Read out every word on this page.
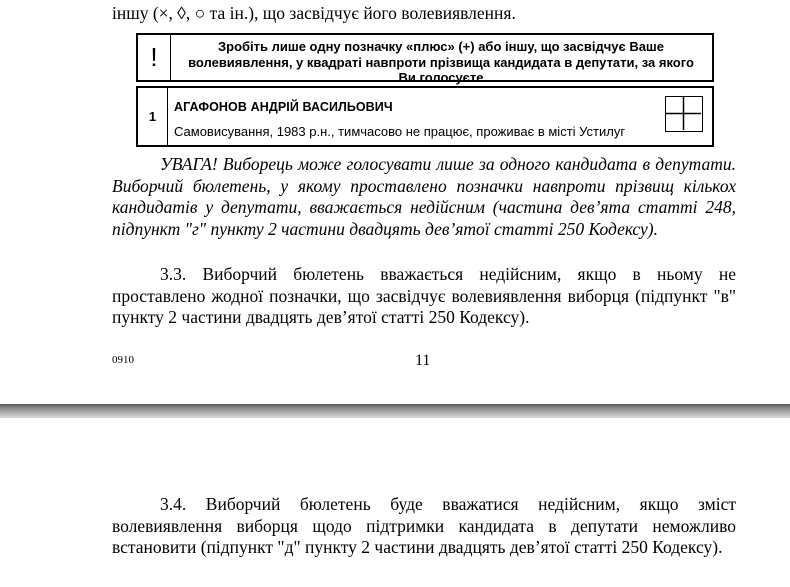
іншу (×, ◊, ○ та ін.), що засвідчує його волевиявлення.
!	Зробіть лише одну позначку «плюс» (+) або іншу, що засвідчує Ваше волевиявлення, у квадраті навпроти прізвища кандидата в депутати, за якого Ви голосуєте
1
АГАФОНОВ АНДРІЙ ВАСИЛЬОВИЧ
Самовисування, 1983 р.н., тимчасово не працює, проживає в місті Устилуг
УВАГА! Виборець може голосувати лише за одного кандидата в депутати. Виборчий бюлетень, у якому проставлено позначки навпроти прізвищ кількох кандидатів у депутати, вважається недійсним (частина дев’ята статті 248, підпункт "г" пункту 2 частини двадцять дев’ятої статті 250 Кодексу).
3.3. Виборчий бюлетень вважається недійсним, якщо в ньому не проставлено жодної позначки, що засвідчує волевиявлення виборця (підпункт "в" пункту 2 частини двадцять дев’ятої статті 250 Кодексу).
0910	11
3.4. Виборчий бюлетень буде вважатися недійсним, якщо зміст волевиявлення виборця щодо підтримки кандидата в депутати неможливо встановити (підпункт "д" пункту 2 частини двадцять дев’ятої статті 250 Кодексу).
